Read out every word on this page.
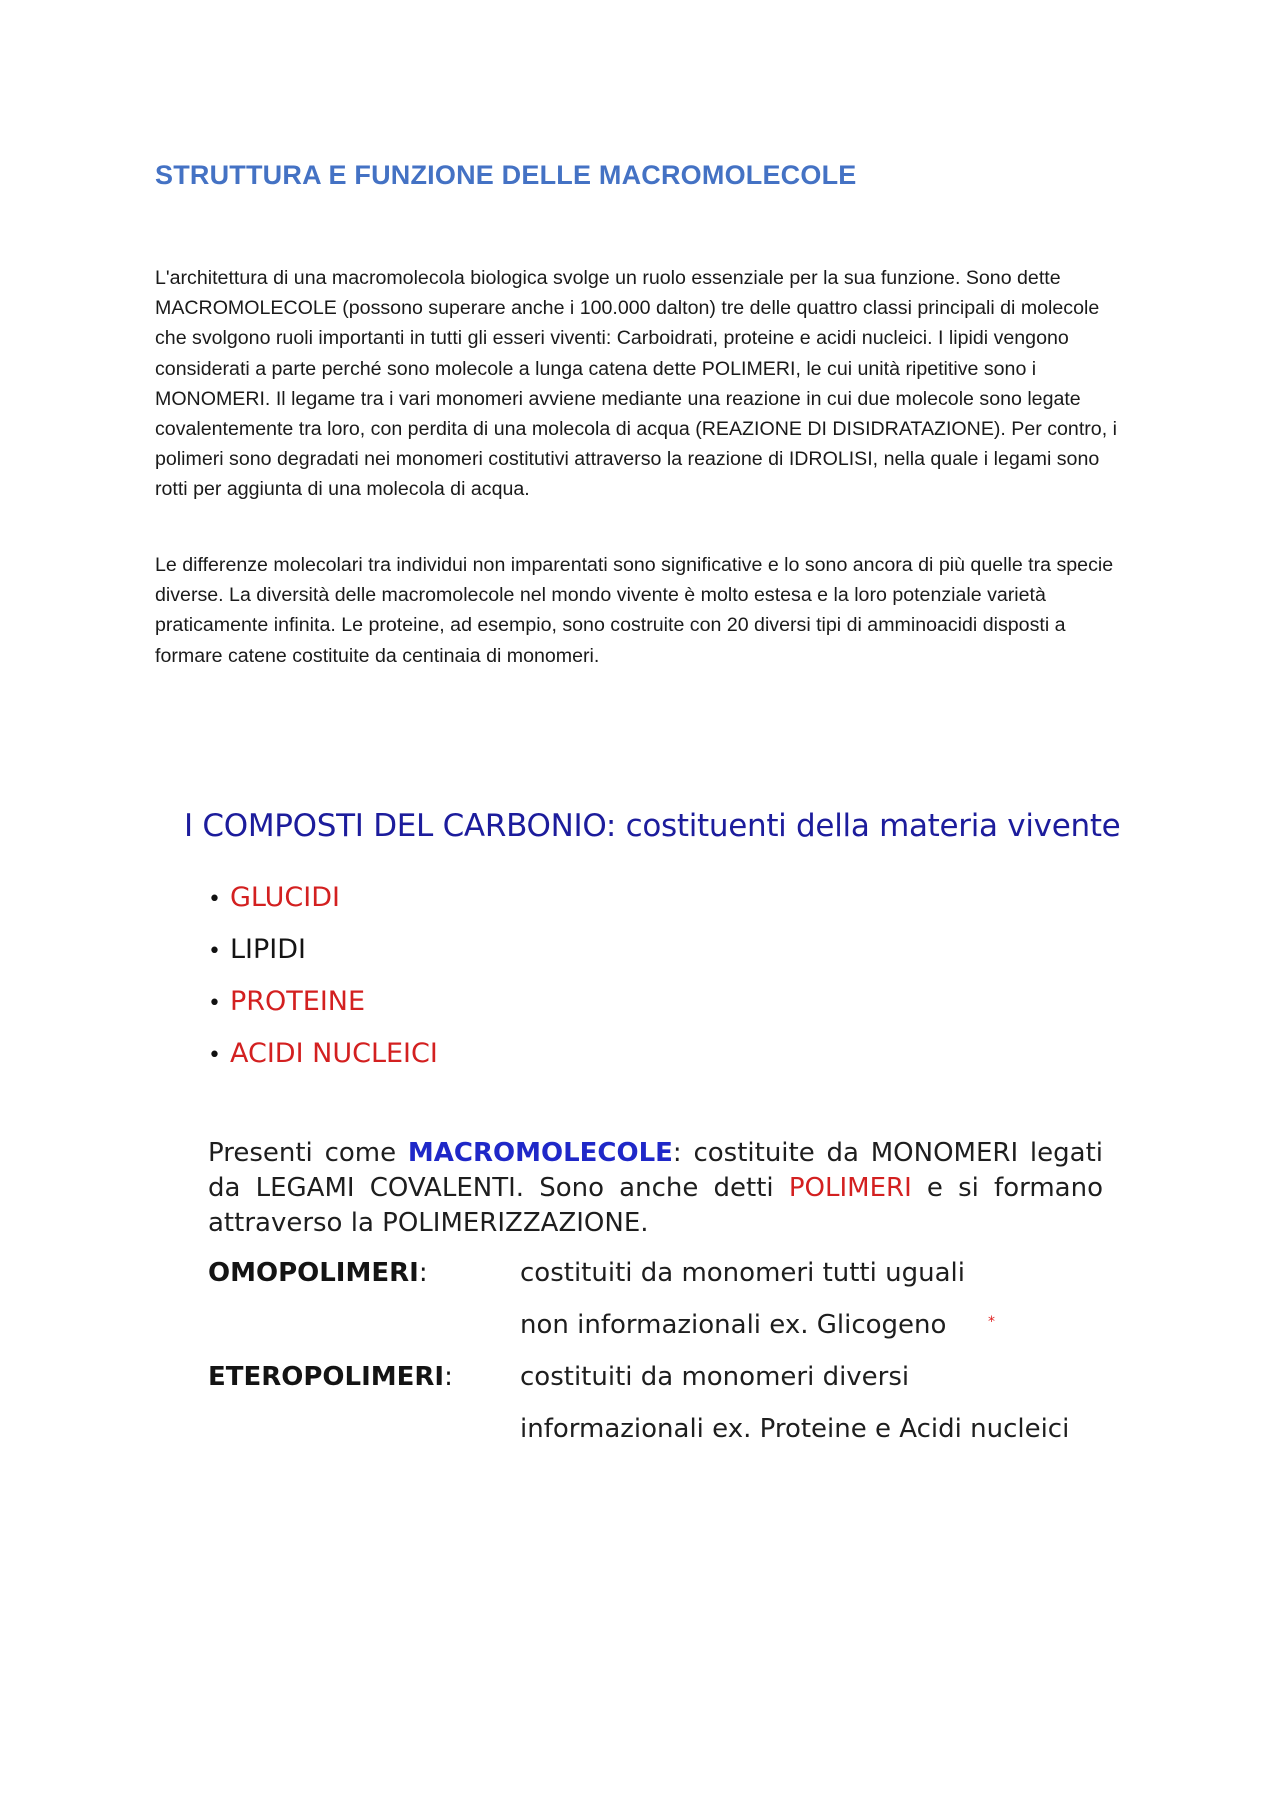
STRUTTURA E FUNZIONE DELLE MACROMOLECOLE

L'architettura di una macromolecola biologica svolge un ruolo essenziale per la sua funzione. Sono dette MACROMOLECOLE (possono superare anche i 100.000 dalton) tre delle quattro classi principali di molecole che svolgono ruoli importanti in tutti gli esseri viventi: Carboidrati, proteine e acidi nucleici. I lipidi vengono considerati a parte perché sono molecole a lunga catena dette POLIMERI, le cui unità ripetitive sono i MONOMERI. Il legame tra i vari monomeri avviene mediante una reazione in cui due molecole sono legate covalentemente tra loro, con perdita di una molecola di acqua (REAZIONE DI DISIDRATAZIONE). Per contro, i polimeri sono degradati nei monomeri costitutivi attraverso la reazione di IDROLISI, nella quale i legami sono rotti per aggiunta di una molecola di acqua.

Le differenze molecolari tra individui non imparentati sono significative e lo sono ancora di più quelle tra specie diverse. La diversità delle macromolecole nel mondo vivente è molto estesa e la loro potenziale varietà praticamente infinita. Le proteine, ad esempio, sono costruite con 20 diversi tipi di amminoacidi disposti a formare catene costituite da centinaia di monomeri.

I COMPOSTI DEL CARBONIO: costituenti della materia vivente
• GLUCIDI
• LIPIDI
• PROTEINE
• ACIDI NUCLEICI

Presenti come MACROMOLECOLE: costituite da MONOMERI legati da LEGAMI COVALENTI. Sono anche detti POLIMERI e si formano attraverso la POLIMERIZZAZIONE.

OMOPOLIMERI:	costituiti da monomeri tutti uguali
non informazionali ex. Glicogeno	*
ETEROPOLIMERI:	costituiti da monomeri diversi
informazionali ex. Proteine e Acidi nucleici
